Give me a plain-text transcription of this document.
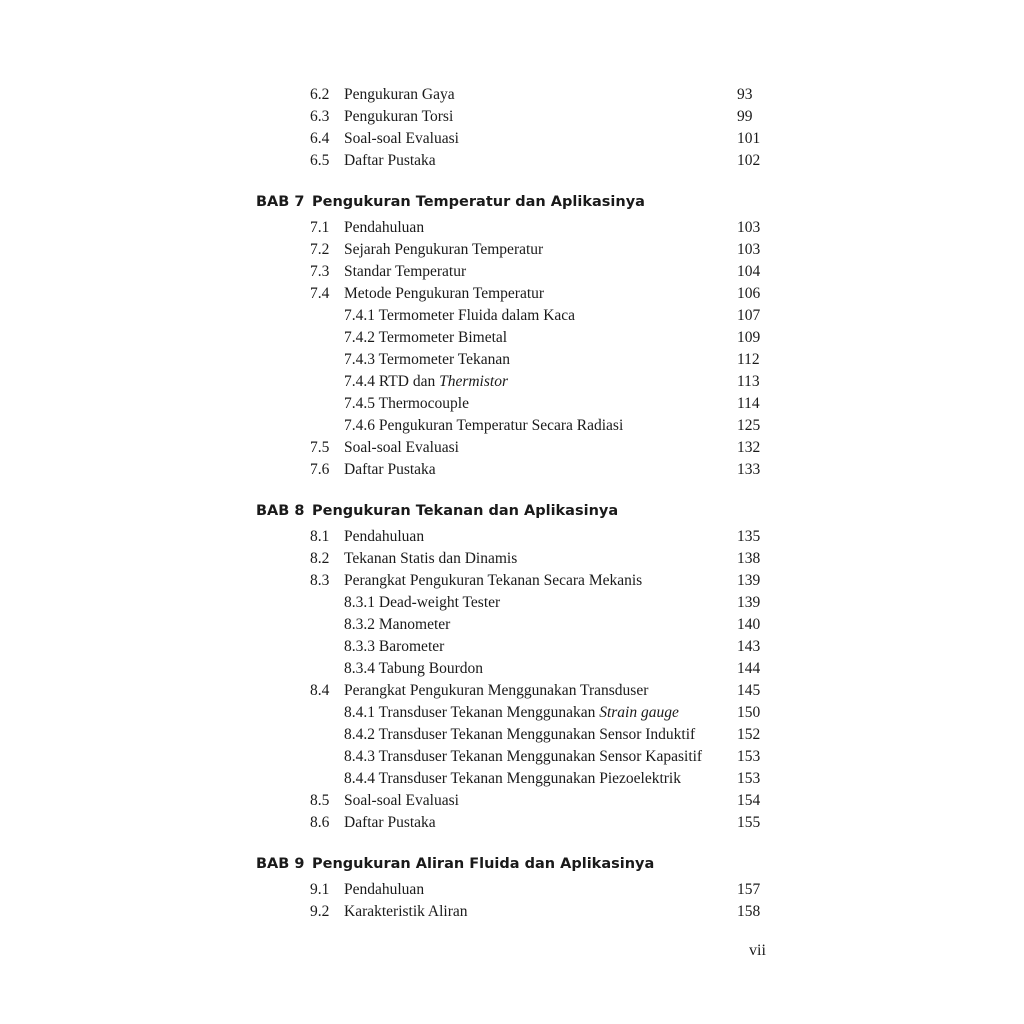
6.2 Pengukuran Gaya	93
6.3 Pengukuran Torsi	99
6.4 Soal-soal Evaluasi	101
6.5 Daftar Pustaka	102
BAB 7 Pengukuran Temperatur dan Aplikasinya
7.1 Pendahuluan	103
7.2 Sejarah Pengukuran Temperatur	103
7.3 Standar Temperatur	104
7.4 Metode Pengukuran Temperatur	106
7.4.1 Termometer Fluida dalam Kaca	107
7.4.2 Termometer Bimetal	109
7.4.3 Termometer Tekanan	112
7.4.4 RTD dan Thermistor	113
7.4.5 Thermocouple	114
7.4.6 Pengukuran Temperatur Secara Radiasi	125
7.5 Soal-soal Evaluasi	132
7.6 Daftar Pustaka	133
BAB 8 Pengukuran Tekanan dan Aplikasinya
8.1 Pendahuluan	135
8.2 Tekanan Statis dan Dinamis	138
8.3 Perangkat Pengukuran Tekanan Secara Mekanis	139
8.3.1 Dead-weight Tester	139
8.3.2 Manometer	140
8.3.3 Barometer	143
8.3.4 Tabung Bourdon	144
8.4 Perangkat Pengukuran Menggunakan Transduser	145
8.4.1 Transduser Tekanan Menggunakan Strain gauge	150
8.4.2 Transduser Tekanan Menggunakan Sensor Induktif	152
8.4.3 Transduser Tekanan Menggunakan Sensor Kapasitif 153
8.4.4 Transduser Tekanan Menggunakan Piezoelektrik	153
8.5 Soal-soal Evaluasi	154
8.6 Daftar Pustaka	155
BAB 9 Pengukuran Aliran Fluida dan Aplikasinya
9.1 Pendahuluan	157
9.2 Karakteristik Aliran	158
vii
